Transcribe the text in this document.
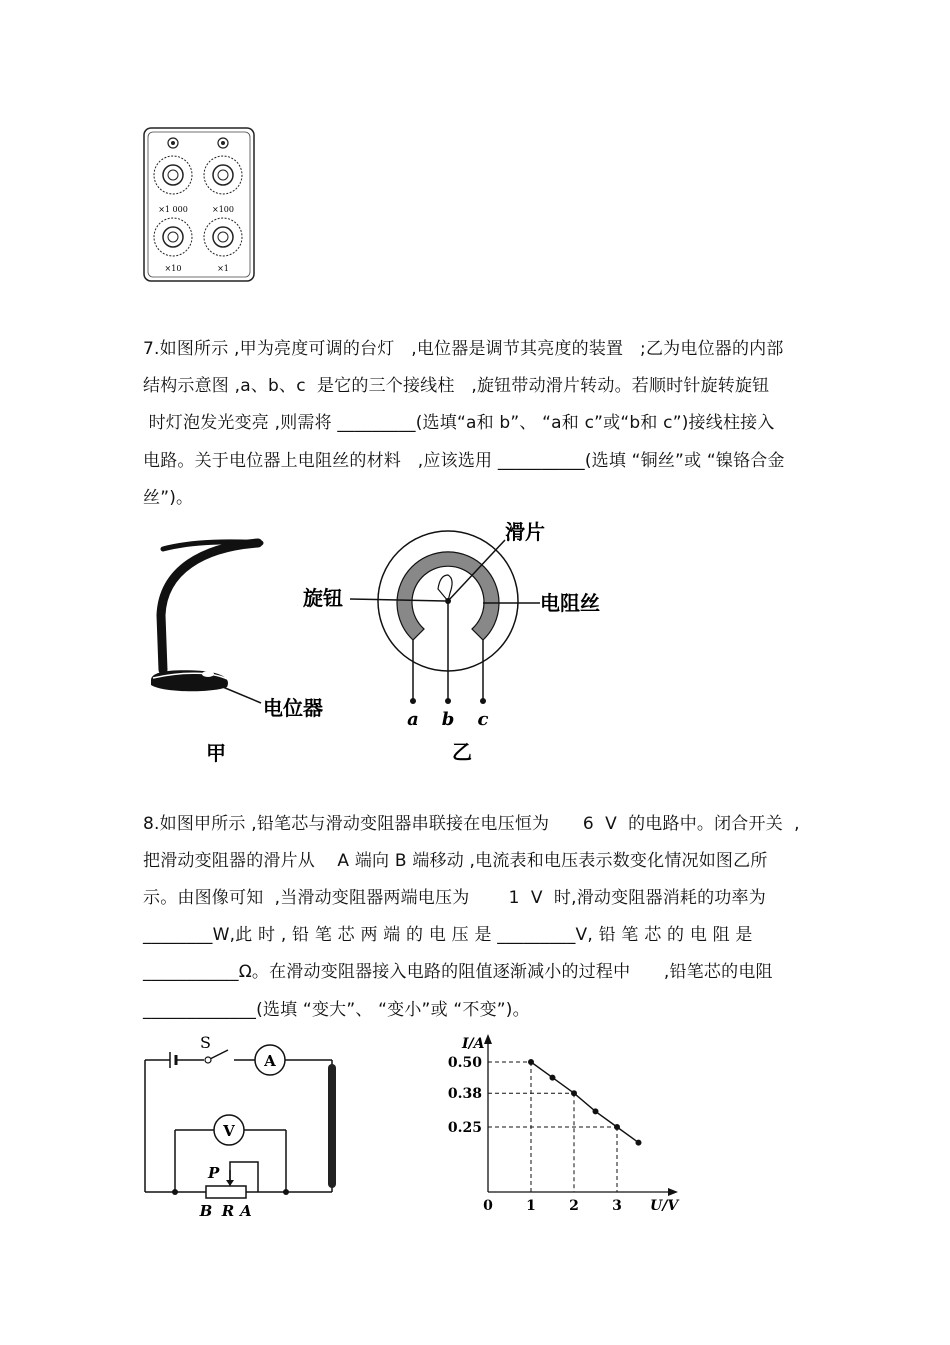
×1 000	×100
×10	×1
7.如图所示 ,甲为亮度可调的台灯   ,电位器是调节其亮度的装置   ;乙为电位器的内部
结构示意图 ,a、b、c  是它的三个接线柱   ,旋钮带动滑片转动。若顺时针旋转旋钮
时灯泡发光变亮 ,则需将 _________(选填“a和 b”、 “a和 c”或“b和 c”)接线柱接入
电路。关于电位器上电阻丝的材料   ,应该选用 __________(选填 “铜丝”或 “镍铬合金
丝”)。
电位器
甲
滑片
旋钮	电阻丝
a b c
乙
8.如图甲所示 ,铅笔芯与滑动变阻器串联接在电压恒为      6  V  的电路中。闭合开关  ,
把滑动变阻器的滑片从    A 端向 B 端移动 ,电流表和电压表示数变化情况如图乙所
示。由图像可知  ,当滑动变阻器两端电压为       1  V  时,滑动变阻器消耗的功率为
________W,此 时 , 铅 笔 芯 两 端 的 电 压 是 _________V, 铅 笔 芯 的 电 阻 是
___________Ω。在滑动变阻器接入电路的阻值逐渐减小的过程中      ,铅笔芯的电阻
_____________(选填 “变大”、 “变小”或 “不变”)。
S
A
V
P
B R A	0 1 2 3
0.50
0.38
0.25
I/A
U/V
